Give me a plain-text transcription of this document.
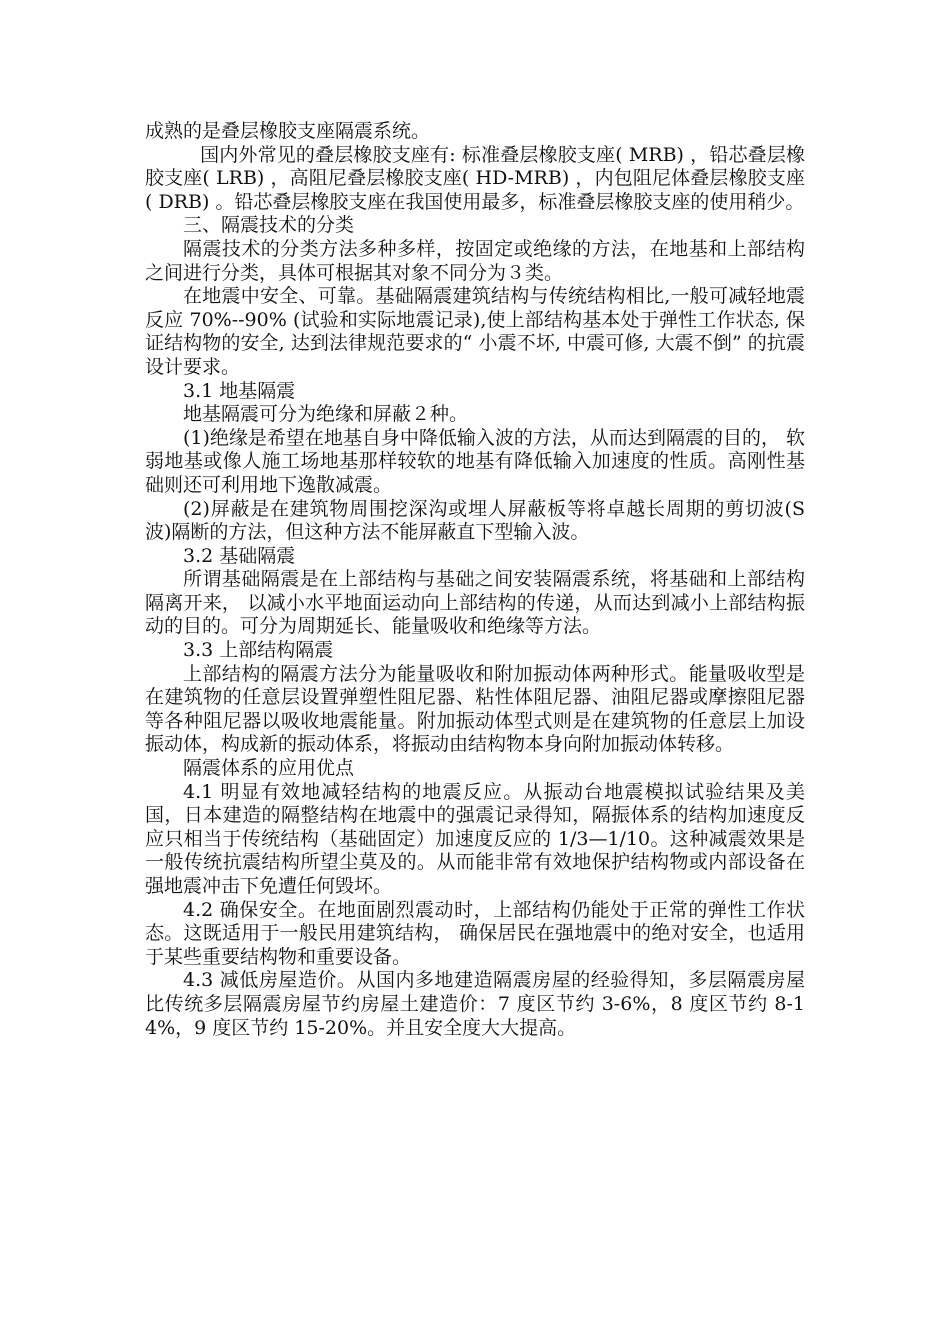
成熟的是叠层橡胶支座隔震系统。

国内外常见的叠层橡胶支座有: 标准叠层橡胶支座( MRB) ，铅芯叠层橡胶支座( LRB) ，高阻尼叠层橡胶支座( HD-MRB) ，内包阻尼体叠层橡胶支座( DRB) 。铅芯叠层橡胶支座在我国使用最多，标准叠层橡胶支座的使用稍少。

三、隔震技术的分类

隔震技术的分类方法多种多样，按固定或绝缘的方法，在地基和上部结构之间进行分类，具体可根据其对象不同分为３类。

在地震中安全、可靠。基础隔震建筑结构与传统结构相比,一般可减轻地震反应 70%--90% (试验和实际地震记录),使上部结构基本处于弹性工作状态, 保证结构物的安全, 达到法律规范要求的“ 小震不坏, 中震可修, 大震不倒” 的抗震设计要求。

3.1 地基隔震

地基隔震可分为绝缘和屏蔽２种。

(1)绝缘是希望在地基自身中降低输入波的方法，从而达到隔震的目的， 软弱地基或像人施工场地基那样较软的地基有降低输入加速度的性质。高刚性基础则还可利用地下逸散减震。

(2)屏蔽是在建筑物周围挖深沟或埋人屏蔽板等将卓越长周期的剪切波(S 波)隔断的方法，但这种方法不能屏蔽直下型输入波。

3.2 基础隔震

所谓基础隔震是在上部结构与基础之间安装隔震系统，将基础和上部结构隔离开来， 以减小水平地面运动向上部结构的传递，从而达到减小上部结构振动的目的。可分为周期延长、能量吸收和绝缘等方法。

3.3 上部结构隔震

上部结构的隔震方法分为能量吸收和附加振动体两种形式。能量吸收型是在建筑物的任意层设置弹塑性阻尼器、粘性体阻尼器、油阻尼器或摩擦阻尼器等各种阻尼器以吸收地震能量。附加振动体型式则是在建筑物的任意层上加设振动体，构成新的振动体系，将振动由结构物本身向附加振动体转移。

隔震体系的应用优点

4.1 明显有效地减轻结构的地震反应。从振动台地震模拟试验结果及美国，日本建造的隔整结构在地震中的强震记录得知，隔振体系的结构加速度反应只相当于传统结构（基础固定）加速度反应的 1/3—1/10。这种减震效果是一般传统抗震结构所望尘莫及的。从而能非常有效地保护结构物或内部设备在强地震冲击下免遭任何毁坏。

4.2 确保安全。在地面剧烈震动时，上部结构仍能处于正常的弹性工作状态。这既适用于一般民用建筑结构， 确保居民在强地震中的绝对安全，也适用于某些重要结构物和重要设备。

4.3 减低房屋造价。从国内多地建造隔震房屋的经验得知，多层隔震房屋比传统多层隔震房屋节约房屋土建造价：7 度区节约 3-6%，8 度区节约 8-14%，9 度区节约 15-20%。并且安全度大大提高。
